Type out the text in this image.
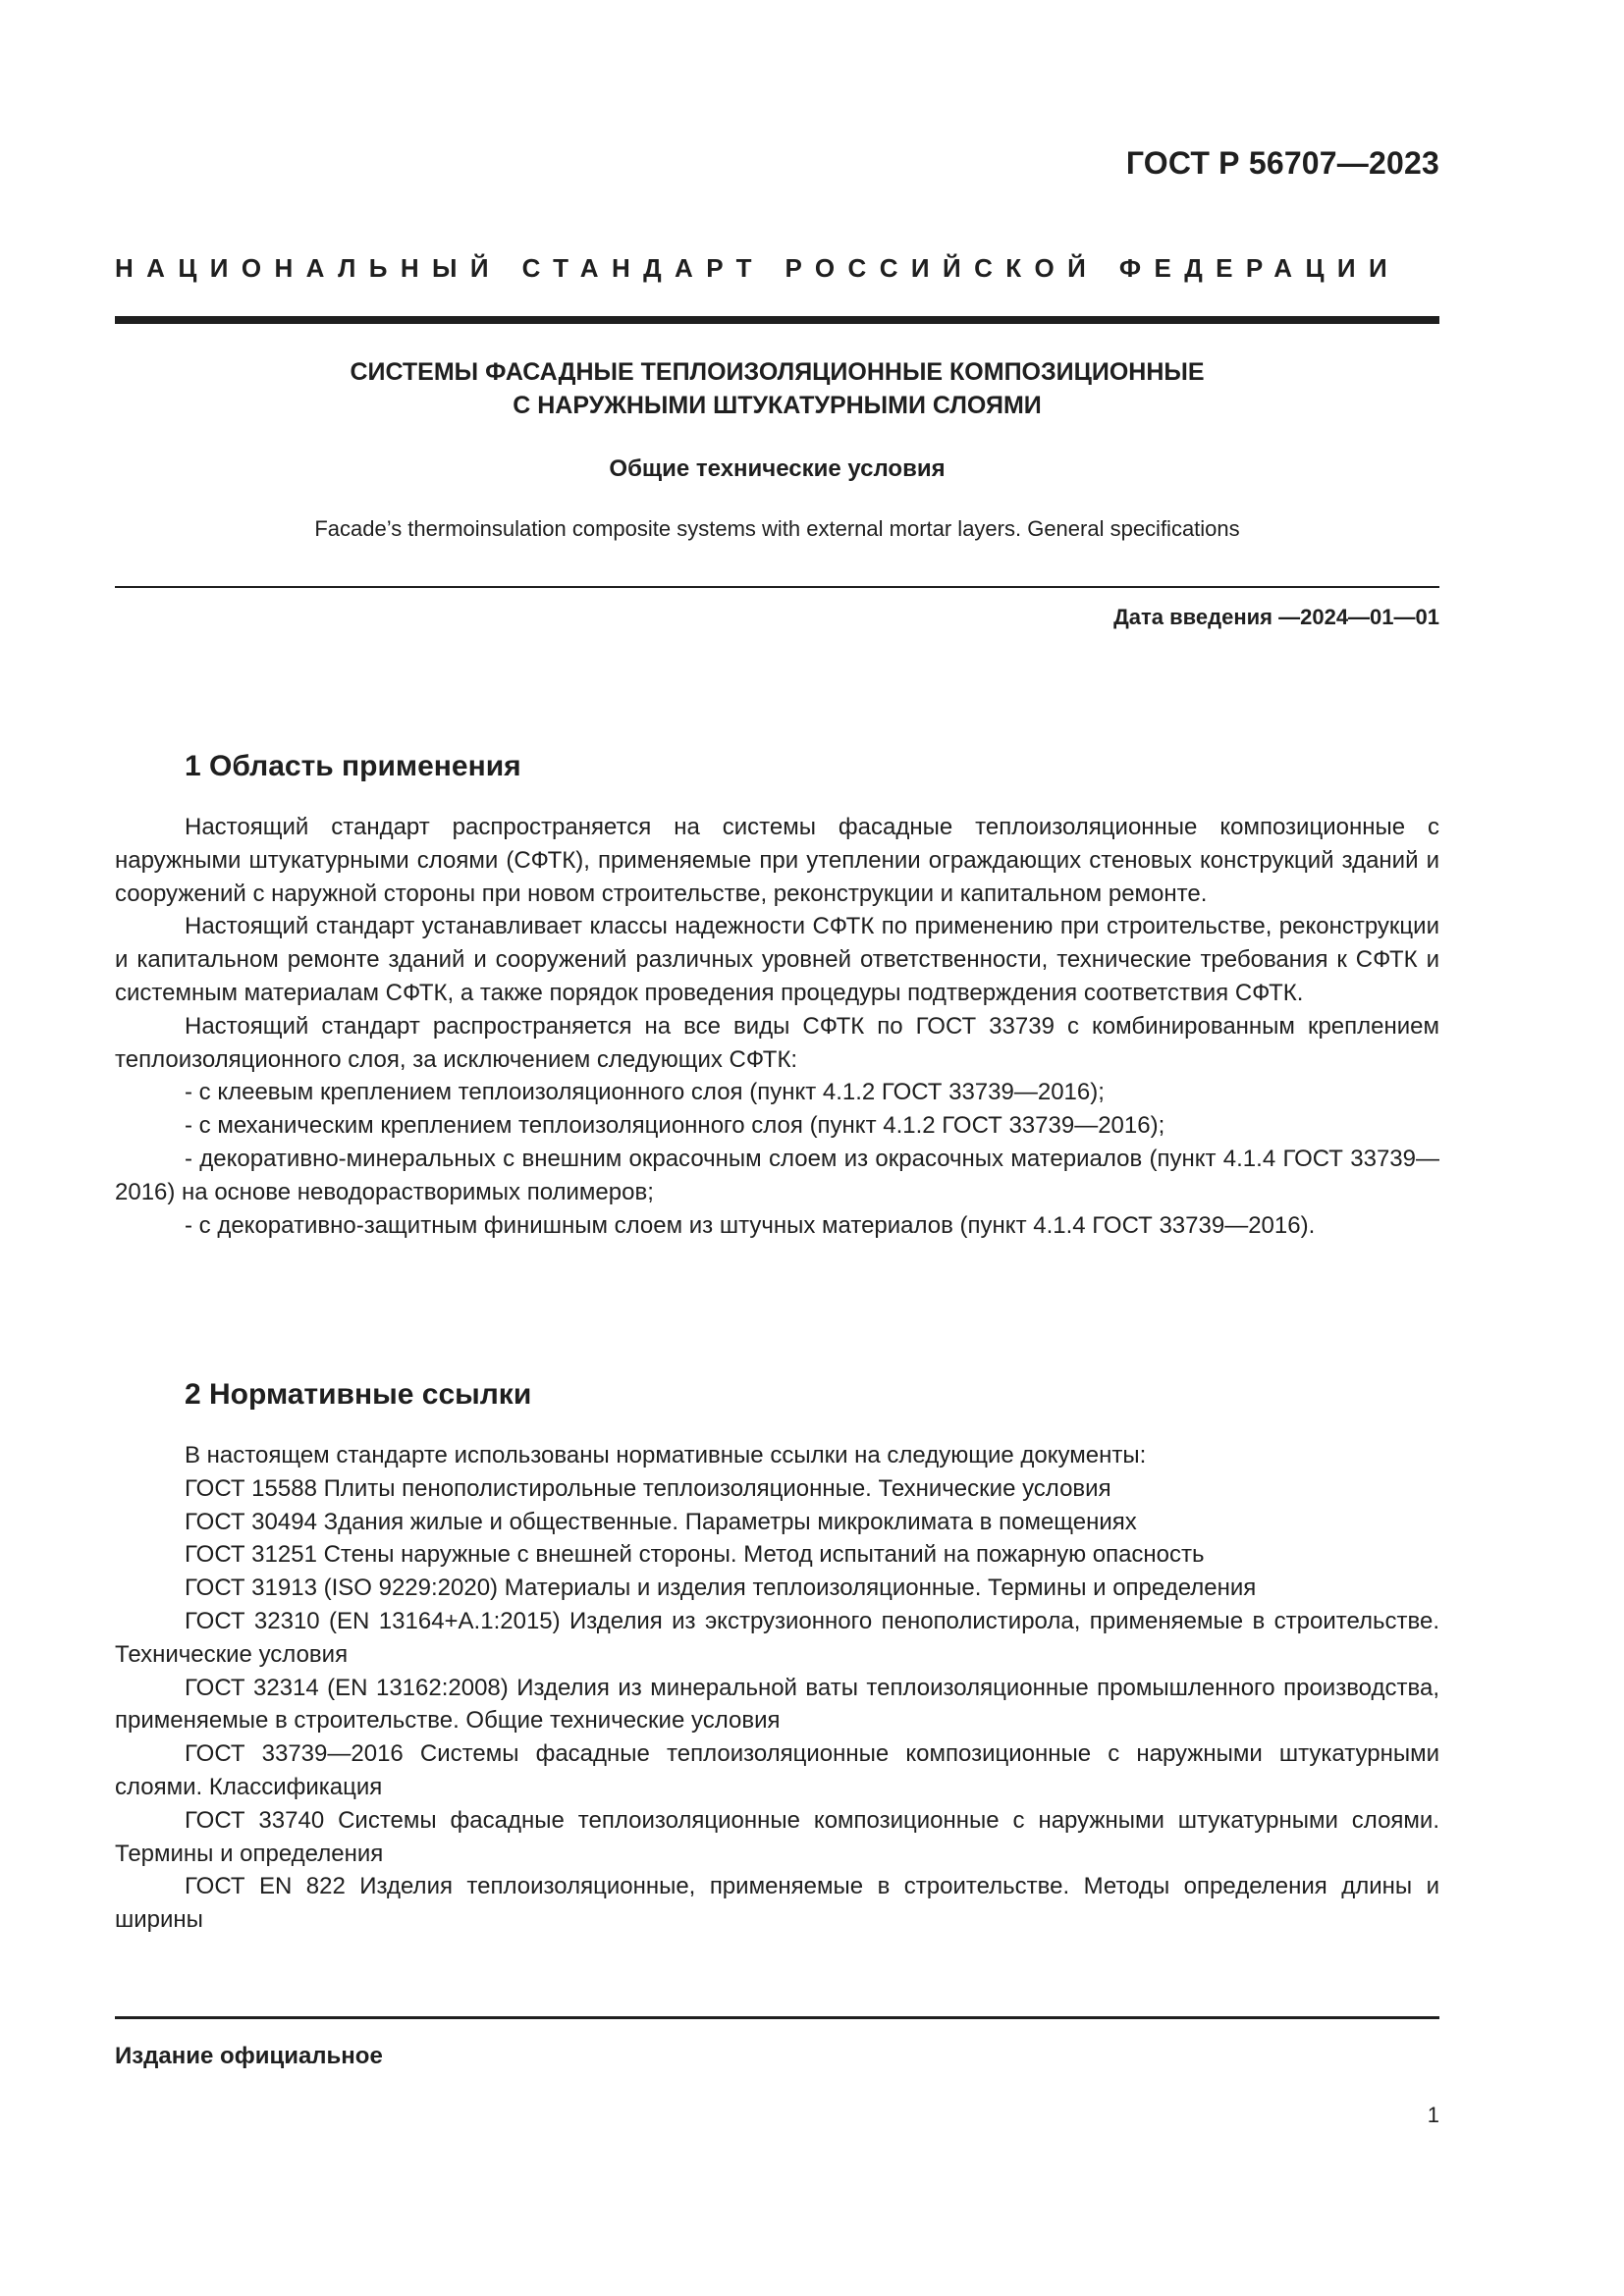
ГОСТ Р 56707—2023

НАЦИОНАЛЬНЫЙ СТАНДАРТ РОССИЙСКОЙ ФЕДЕРАЦИИ

СИСТЕМЫ ФАСАДНЫЕ ТЕПЛОИЗОЛЯЦИОННЫЕ КОМПОЗИЦИОННЫЕ
С НАРУЖНЫМИ ШТУКАТУРНЫМИ СЛОЯМИ

Общие технические условия

Facade’s thermoinsulation composite systems with external mortar layers. General specifications

Дата введения —2024—01—01

1 Область применения

Настоящий стандарт распространяется на системы фасадные теплоизоляционные композиционные с наружными штукатурными слоями (СФТК), применяемые при утеплении ограждающих стеновых конструкций зданий и сооружений с наружной стороны при новом строительстве, реконструкции и капитальном ремонте.

Настоящий стандарт устанавливает классы надежности СФТК по применению при строительстве, реконструкции и капитальном ремонте зданий и сооружений различных уровней ответственности, технические требования к СФТК и системным материалам СФТК, а также порядок проведения процедуры подтверждения соответствия СФТК.

Настоящий стандарт распространяется на все виды СФТК по ГОСТ 33739 с комбинированным креплением теплоизоляционного слоя, за исключением следующих СФТК:

- с клеевым креплением теплоизоляционного слоя (пункт 4.1.2 ГОСТ 33739—2016);

- с механическим креплением теплоизоляционного слоя (пункт 4.1.2 ГОСТ 33739—2016);

- декоративно-минеральных с внешним окрасочным слоем из окрасочных материалов (пункт 4.1.4 ГОСТ 33739—2016) на основе неводорастворимых полимеров;

- с декоративно-защитным финишным слоем из штучных материалов (пункт 4.1.4 ГОСТ 33739—2016).

2 Нормативные ссылки

В настоящем стандарте использованы нормативные ссылки на следующие документы:

ГОСТ 15588 Плиты пенополистирольные теплоизоляционные. Технические условия

ГОСТ 30494 Здания жилые и общественные. Параметры микроклимата в помещениях

ГОСТ 31251 Стены наружные с внешней стороны. Метод испытаний на пожарную опасность

ГОСТ 31913 (ISO 9229:2020) Материалы и изделия теплоизоляционные. Термины и определения

ГОСТ 32310 (EN 13164+A.1:2015) Изделия из экструзионного пенополистирола, применяемые в строительстве. Технические условия

ГОСТ 32314 (EN 13162:2008) Изделия из минеральной ваты теплоизоляционные промышленного производства, применяемые в строительстве. Общие технические условия

ГОСТ 33739—2016 Системы фасадные теплоизоляционные композиционные с наружными штукатурными слоями. Классификация

ГОСТ 33740 Системы фасадные теплоизоляционные композиционные с наружными штукатурными слоями. Термины и определения

ГОСТ EN 822 Изделия теплоизоляционные, применяемые в строительстве. Методы определения длины и ширины

Издание официальное

1
